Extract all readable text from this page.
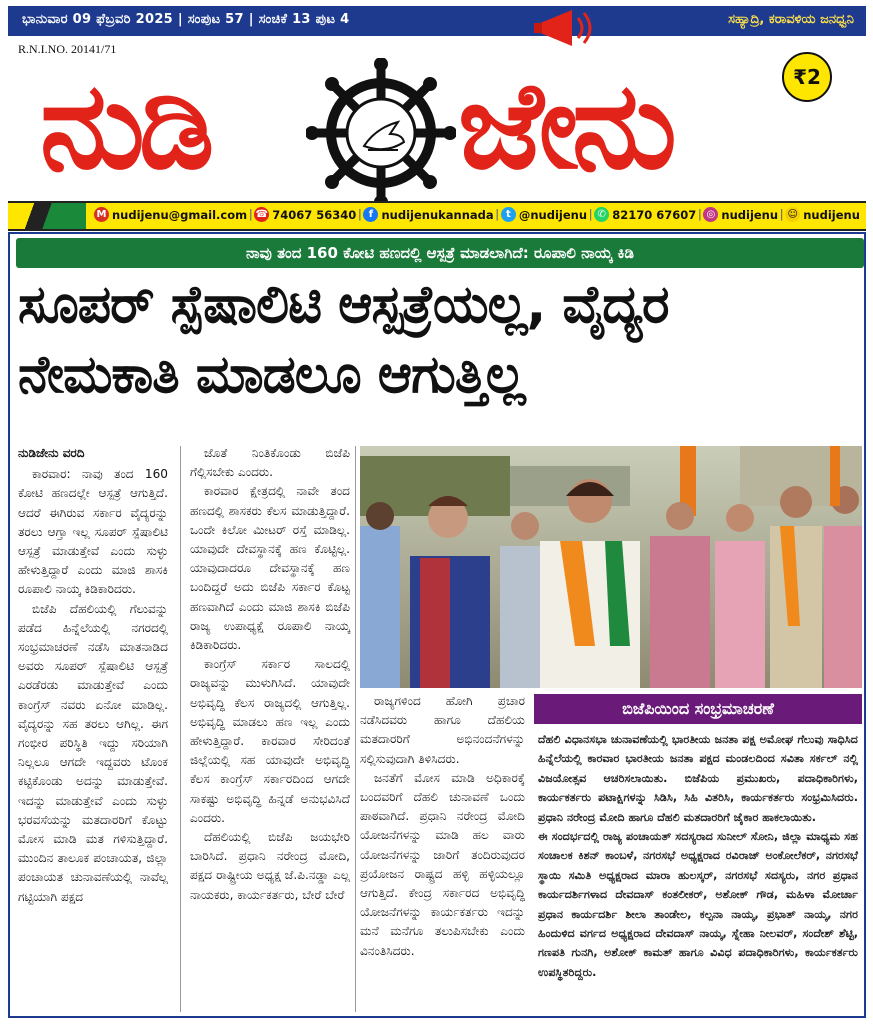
ಭಾನುವಾರ 09 ಫೆಬ್ರವರಿ 2025 | ಸಂಪುಟ 57 | ಸಂಚಿಕೆ 13 ಪುಟ 4	ಸಹ್ಯಾದ್ರಿ, ಕರಾವಳಿಯ ಜನಧ್ವನಿ
R.N.I.NO. 20141/71
ನುಡಿ ಜೇನು	₹2
M nudijenu@gmail.com | ☎ 74067 56340 | f nudijenukannada | t @nudijenu | ✆ 82170 67607 | ◎ nudijenu | ☺ nudijenu
ನಾವು ತಂದ 160 ಕೋಟಿ ಹಣದಲ್ಲಿ ಆಸ್ಪತ್ರೆ ಮಾಡಲಾಗಿದೆ: ರೂಪಾಲಿ ನಾಯ್ಕ ಕಿಡಿ
ಸೂಪರ್ ಸ್ಪೆಷಾಲಿಟಿ ಆಸ್ಪತ್ರೆಯಲ್ಲ, ವೈದ್ಯರ
ನೇಮಕಾತಿ ಮಾಡಲೂ ಆಗುತ್ತಿಲ್ಲ
ನುಡಿಜೇನು ವರದಿ

ಕಾರವಾರ: ನಾವು ತಂದ 160 ಕೋಟಿ ಹಣದಲ್ಲೇ ಆಸ್ಪತ್ರೆ ಆಗುತ್ತಿದೆ. ಆದರೆ ಈಗಿರುವ ಸರ್ಕಾರ ವೈದ್ಯರನ್ನು ತರಲು ಆಗ್ತಾ ಇಲ್ಲ ಸೂಪರ್ ಸ್ಪೆಷಾಲಿಟಿ ಆಸ್ಪತ್ರೆ ಮಾಡುತ್ತೇವೆ ಎಂದು ಸುಳ್ಳು ಹೇಳುತ್ತಿದ್ದಾರೆ ಎಂದು ಮಾಜಿ ಶಾಸಕಿ ರೂಪಾಲಿ ನಾಯ್ಕ ಕಿಡಿಕಾರಿದರು.

ಬಿಜೆಪಿ ದೆಹಲಿಯಲ್ಲಿ ಗೆಲುವನ್ನು ಪಡೆದ ಹಿನ್ನೆಲೆಯಲ್ಲಿ ನಗರದಲ್ಲಿ ಸಂಭ್ರಮಾಚರಣೆ ನಡೆಸಿ ಮಾತನಾಡಿದ ಅವರು ಸೂಪರ್ ಸ್ಪೆಷಾಲಿಟಿ ಆಸ್ಪತ್ರೆ ಎರಡೆರಡು ಮಾಡುತ್ತೇವೆ ಎಂದು ಕಾಂಗ್ರೆಸ್ ನವರು ಏನೋ ಮಾಡಿಲ್ಲ. ವೈದ್ಯರನ್ನು ಸಹ ತರಲು ಆಗಿಲ್ಲ. ಈಗ ಗಂಭೀರ ಪರಿಸ್ಥಿತಿ ಇದ್ದು ಸರಿಯಾಗಿ ನಿಲ್ಲಲೂ ಆಗದೇ ಇದ್ದವರು ಟೊಂಕ ಕಟ್ಟಿಕೊಂಡು ಅದನ್ನು ಮಾಡುತ್ತೇವೆ. ಇದನ್ನು ಮಾಡುತ್ತೇವೆ ಎಂದು ಸುಳ್ಳು ಭರವಸೆಯನ್ನು ಮತದಾರರಿಗೆ ಕೊಟ್ಟು ಮೋಸ ಮಾಡಿ ಮತ ಗಳಿಸುತ್ತಿದ್ದಾರೆ. ಮುಂದಿನ ತಾಲೂಕ ಪಂಚಾಯತ, ಜಿಲ್ಲಾ ಪಂಚಾಯತ ಚುನಾವಣೆಯಲ್ಲಿ ನಾವೆಲ್ಲ ಗಟ್ಟಿಯಾಗಿ ಪಕ್ಷದ

ಜೊತೆ ನಿಂತಿಕೊಂಡು ಬಿಜೆಪಿ ಗೆಲ್ಲಿಸಬೇಕು ಎಂದರು.

ಕಾರವಾರ ಕ್ಷೇತ್ರದಲ್ಲಿ ನಾವೇ ತಂದ ಹಣದಲ್ಲಿ ಶಾಸಕರು ಕೆಲಸ ಮಾಡುತ್ತಿದ್ದಾರೆ. ಒಂದೇ ಕಿಲೋ ಮೀಟರ್ ರಸ್ತೆ ಮಾಡಿಲ್ಲ. ಯಾವುದೇ ದೇವಸ್ಥಾನಕ್ಕೆ ಹಣ ಕೊಟ್ಟಿಲ್ಲ. ಯಾವುದಾದರೂ ದೇವಸ್ಥಾನಕ್ಕೆ ಹಣ ಬಂದಿದ್ದರೆ ಅದು ಬಿಜೆಪಿ ಸರ್ಕಾರ ಕೊಟ್ಟ ಹಣವಾಗಿದೆ ಎಂದು ಮಾಜಿ ಶಾಸಕಿ ಬಿಜೆಪಿ ರಾಜ್ಯ ಉಪಾಧ್ಯಕ್ಷೆ ರೂಪಾಲಿ ನಾಯ್ಕ ಕಿಡಿಕಾರಿದರು.

ಕಾಂಗ್ರೆಸ್ ಸರ್ಕಾರ ಸಾಲದಲ್ಲಿ ರಾಜ್ಯವನ್ನು ಮುಳುಗಿಸಿದೆ. ಯಾವುದೇ ಅಭಿವೃದ್ಧಿ ಕೆಲಸ ರಾಜ್ಯದಲ್ಲಿ ಆಗುತ್ತಿಲ್ಲ. ಅಭಿವೃದ್ಧಿ ಮಾಡಲು ಹಣ ಇಲ್ಲ ಎಂದು ಹೇಳುತ್ತಿದ್ದಾರೆ. ಕಾರವಾರ ಸೇರಿದಂತೆ ಜಿಲ್ಲೆಯಲ್ಲಿ ಸಹ ಯಾವುದೇ ಅಭಿವೃದ್ಧಿ ಕೆಲಸ ಕಾಂಗ್ರೆಸ್ ಸರ್ಕಾರದಿಂದ ಆಗದೇ ಸಾಕಷ್ಟು ಅಭಿವೃದ್ಧಿ ಹಿನ್ನಡೆ ಅನುಭವಿಸಿದೆ ಎಂದರು.

ದೆಹಲಿಯಲ್ಲಿ ಬಿಜೆಪಿ ಜಯಭೇರಿ ಬಾರಿಸಿದೆ. ಪ್ರಧಾನಿ ನರೇಂದ್ರ ಮೋದಿ, ಪಕ್ಷದ ರಾಷ್ಟ್ರೀಯ ಅಧ್ಯಕ್ಷ ಜೆ.ಪಿ.ನಡ್ಡಾ ಎಲ್ಲ ನಾಯಕರು, ಕಾರ್ಯಕರ್ತರು, ಬೇರೆ ಬೇರೆ

ರಾಜ್ಯಗಳಿಂದ ಹೋಗಿ ಪ್ರಚಾರ ನಡೆಸಿದವರು ಹಾಗೂ ದೆಹಲಿಯ ಮತದಾರರಿಗೆ ಅಭಿನಂದನೆಗಳನ್ನು ಸಲ್ಲಿಸುವುದಾಗಿ ತಿಳಿಸಿದರು.

ಜನತೆಗೆ ಮೋಸ ಮಾಡಿ ಅಧಿಕಾರಕ್ಕೆ ಬಂದವರಿಗೆ ದೆಹಲಿ ಚುನಾವಣೆ ಒಂದು ಪಾಠವಾಗಿದೆ. ಪ್ರಧಾನಿ ನರೇಂದ್ರ ಮೋದಿ ಯೋಜನೆಗಳನ್ನು ಮಾಡಿ ಹಲ ವಾರು ಯೋಜನೆಗಳನ್ನು ಜಾರಿಗೆ ತಂದಿರುವುದರ ಪ್ರಯೋಜನ ರಾಷ್ಟ್ರದ ಹಳ್ಳಿ ಹಳ್ಳಿಯಲ್ಲೂ ಆಗುತ್ತಿದೆ. ಕೇಂದ್ರ ಸರ್ಕಾರದ ಅಭಿವೃದ್ಧಿ ಯೋಜನೆಗಳನ್ನು ಕಾರ್ಯಕರ್ತರು ಇದನ್ನು ಮನೆ ಮನೆಗೂ ತಲುಪಿಸಬೇಕು ಎಂದು ವಿನಂತಿಸಿದರು.

ಬಿಜೆಪಿಯಿಂದ ಸಂಭ್ರಮಾಚರಣೆ

ದೆಹಲಿ ವಿಧಾನಸಭಾ ಚುನಾವಣೆಯಲ್ಲಿ ಭಾರತೀಯ ಜನತಾ ಪಕ್ಷ ಅಮೋಘ ಗೆಲುವು ಸಾಧಿಸಿದ ಹಿನ್ನೆಲೆಯಲ್ಲಿ ಕಾರವಾರ ಭಾರತೀಯ ಜನತಾ ಪಕ್ಷದ ಮಂಡಲದಿಂದ ಸವಿತಾ ಸರ್ಕಲ್ ನಲ್ಲಿ ವಿಜಯೋತ್ಸವ ಆಚರಿಸಲಾಯಿತು. ಬಿಜೆಪಿಯ ಪ್ರಮುಖರು, ಪದಾಧಿಕಾರಿಗಳು, ಕಾರ್ಯಕರ್ತರು ಪಟಾಕ್ಷಿಗಳನ್ನು ಸಿಡಿಸಿ, ಸಿಹಿ ವಿತರಿಸಿ, ಕಾರ್ಯಕರ್ತರು ಸಂಭ್ರಮಿಸಿದರು. ಪ್ರಧಾನಿ ನರೇಂದ್ರ ಮೋದಿ ಹಾಗೂ ದೆಹಲಿ ಮತದಾರರಿಗೆ ಜೈಕಾರ ಹಾಕಲಾಯಿತು.

ಈ ಸಂದರ್ಭದಲ್ಲಿ ರಾಜ್ಯ ಪಂಚಾಯತ್ ಸದಸ್ಯರಾದ ಸುನೀಲ್ ಸೋನಿ, ಜಿಲ್ಲಾ ಮಾಧ್ಯಮ ಸಹ ಸಂಚಾಲಕ ಕಿಶನ್ ಕಾಂಬಳೆ, ನಗರಸಭೆ ಅಧ್ಯಕ್ಷರಾದ ರವಿರಾಜ್ ಅಂಕೋಲೆಕರ್, ನಗರಸಭೆ ಸ್ಥಾಯಿ ಸಮಿತಿ ಅಧ್ಯಕ್ಷರಾದ ಮಾರಾ ಹುಲಸ್ಕರ್, ನಗರಸಭೆ ಸದಸ್ಯರು, ನಗರ ಪ್ರಧಾನ ಕಾರ್ಯದರ್ಶಿಗಳಾದ ದೇವದಾಸ್ ಕಂತಲೀಕರ್, ಅಶೋಕ್ ಗೌಡ, ಮಹಿಳಾ ಮೋರ್ಚಾ ಪ್ರಧಾನ ಕಾರ್ಯದರ್ಶಿ ಶೀಲಾ ತಾಂಡೇಲ, ಕಲ್ಪನಾ ನಾಯ್ಕ, ಪ್ರಭಾತ್ ನಾಯ್ಕ, ನಗರ ಹಿಂದುಳಿದ ವರ್ಗದ ಅಧ್ಯಕ್ಷರಾದ ದೇವದಾಸ್ ನಾಯ್ಕ, ಸ್ನೇಹಾ ನೀಲವರ್, ಸಂದೇಶ್ ಶೆಟ್ಟಿ, ಗಣಪತಿ ಗುನಗಿ, ಅಶೋಕ್ ಕಾಮತ್ ಹಾಗೂ ವಿವಿಧ ಪದಾಧಿಕಾರಿಗಳು, ಕಾರ್ಯಕರ್ತರು ಉಪಸ್ಥಿತರಿದ್ದರು.
